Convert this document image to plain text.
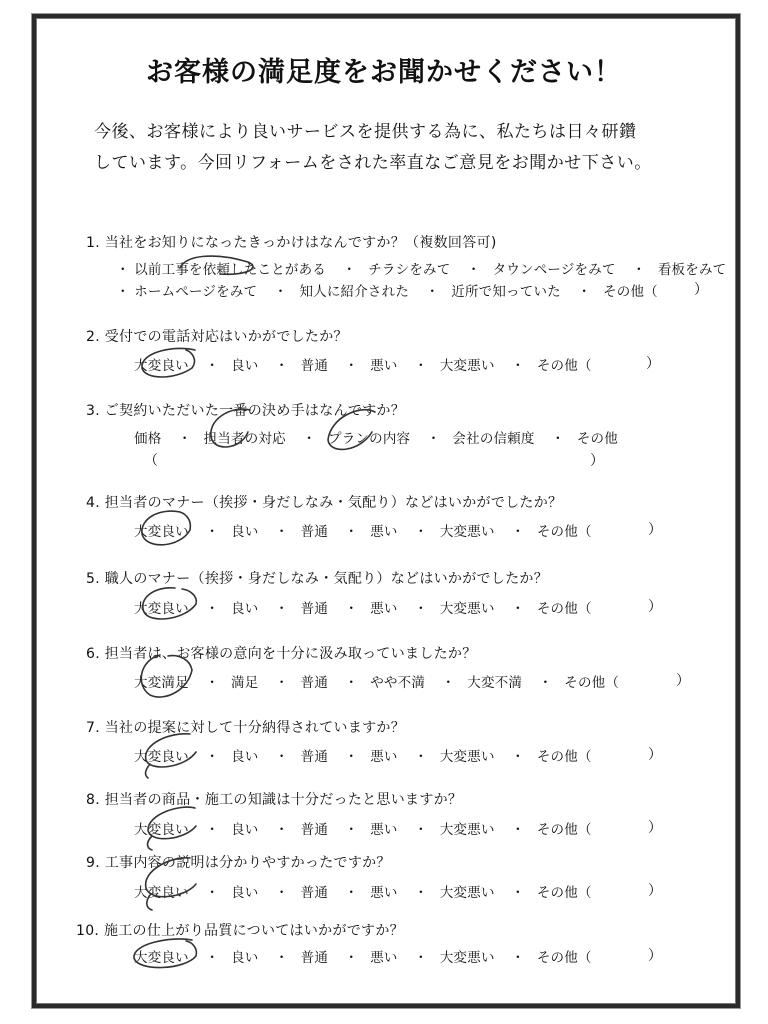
お客様の満足度をお聞かせください！
今後、お客様により良いサービスを提供する為に、私たちは日々研鑽
しています。今回リフォームをされた率直なご意見をお聞かせ下さい。
1. 当社をお知りになったきっかけはなんですか？（複数回答可)
・ 以前工事を依頼したことがある ・ チラシをみて ・ タウンページをみて ・ 看板をみて
・ ホームページをみて ・ 知人に紹介された ・ 近所で知っていた ・ その他（	）
2. 受付での電話対応はいかがでしたか？
大変良い ・ 良い ・ 普通 ・ 悪い ・ 大変悪い ・ その他（	）
3. ご契約いただいた一番の決め手はなんですか？
価格 ・ 担当者の対応 ・ プランの内容 ・ 会社の信頼度 ・ その他
（	）
4. 担当者のマナー（挨拶・身だしなみ・気配り）などはいかがでしたか？
大変良い ・ 良い ・ 普通 ・ 悪い ・ 大変悪い ・ その他（	）
5. 職人のマナー（挨拶・身だしなみ・気配り）などはいかがでしたか？
大変良い ・ 良い ・ 普通 ・ 悪い ・ 大変悪い ・ その他（	）
6. 担当者は、お客様の意向を十分に汲み取っていましたか？
大変満足 ・ 満足 ・ 普通 ・ やや不満 ・ 大変不満 ・ その他（	）
7. 当社の提案に対して十分納得されていますか？
大変良い ・ 良い ・ 普通 ・ 悪い ・ 大変悪い ・ その他（	）
8. 担当者の商品・施工の知識は十分だったと思いますか？
大変良い ・ 良い ・ 普通 ・ 悪い ・ 大変悪い ・ その他（	）
9. 工事内容の説明は分かりやすかったですか？
大変良い ・ 良い ・ 普通 ・ 悪い ・ 大変悪い ・ その他（	）
10. 施工の仕上がり品質についてはいかがですか？
大変良い ・ 良い ・ 普通 ・ 悪い ・ 大変悪い ・ その他（	）
